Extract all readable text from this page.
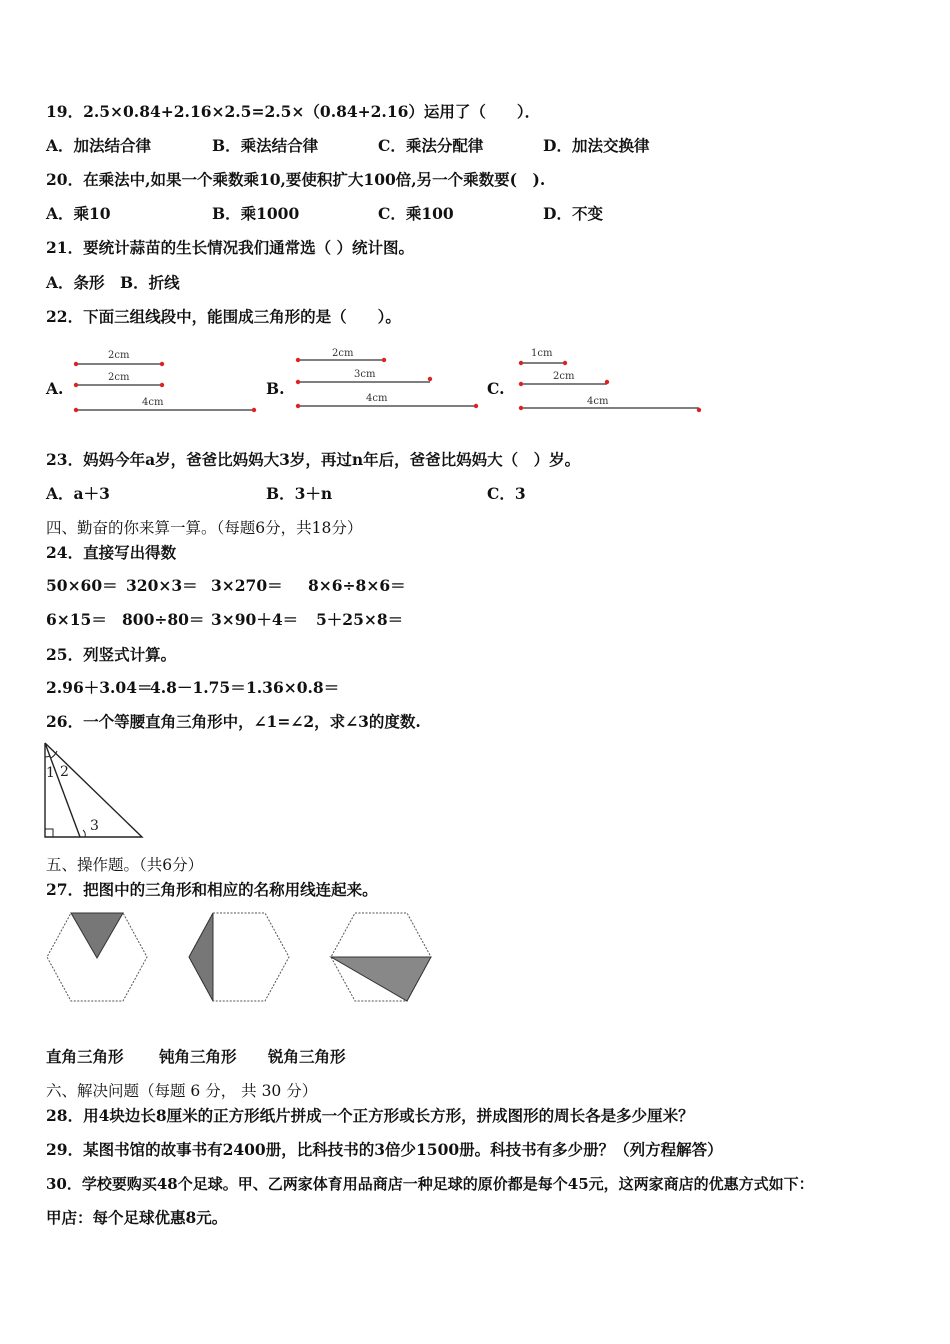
19．2.5×0.84+2.16×2.5=2.5×（0.84+2.16）运用了（　　）．
A．加法结合律	B．乘法结合律	C．乘法分配律	D．加法交换律
20．在乘法中,如果一个乘数乘10,要使积扩大100倍,另一个乘数要(　).
A．乘10	B．乘1000	C．乘100	D．不变
21．要统计蒜苗的生长情况我们通常选（ ）统计图。
A．条形　B．折线
22．下面三组线段中，能围成三角形的是（　　）。
A.	B.	C.
2cm
2cm
4cm
2cm
3cm
4cm
1cm
2cm
4cm
23．妈妈今年a岁，爸爸比妈妈大3岁，再过n年后，爸爸比妈妈大（　）岁。
A．a＋3	B．3＋n	C．3
四、勤奋的你来算一算。（每题6分，共18分）
24．直接写出得数
50×60＝ 320×3＝ 3×270＝ 8×6÷8×6＝
6×15＝ 800÷80＝ 3×90＋4＝ 5＋25×8＝
25．列竖式计算。
2.96＋3.04＝
4.8－1.75＝ 1.36×0.8＝
26．一个等腰直角三角形中，∠1=∠2，求∠3的度数.
1 2
3
五、操作题。（共6分）
27．把图中的三角形和相应的名称用线连起来。
直角三角形 钝角三角形 锐角三角形
六、解决问题（每题 6 分， 共 30 分）
28．用4块边长8厘米的正方形纸片拼成一个正方形或长方形，拼成图形的周长各是多少厘米？
29．某图书馆的故事书有2400册，比科技书的3倍少1500册。科技书有多少册？（列方程解答）
30．学校要购买48个足球。甲、乙两家体育用品商店一种足球的原价都是每个45元，这两家商店的优惠方式如下：
甲店：每个足球优惠8元。
